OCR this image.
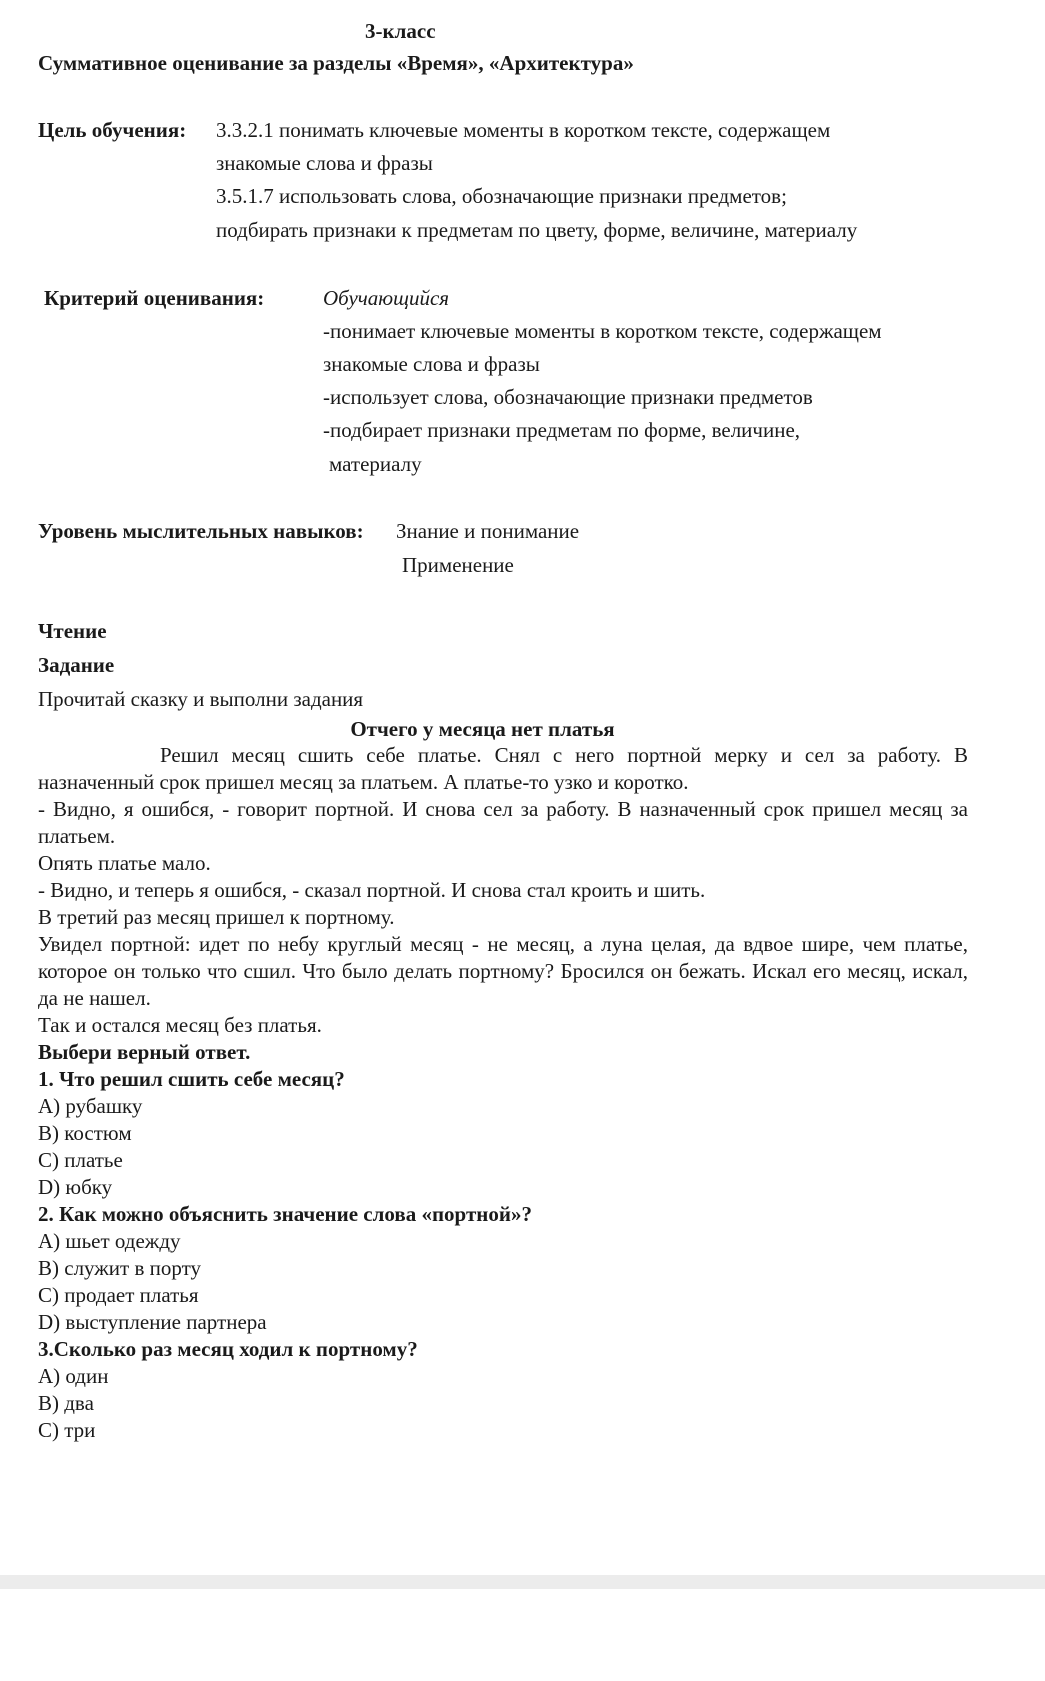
3-класс
Суммативное оценивание за разделы «Время», «Архитектура»
Цель обучения: 3.3.2.1 понимать ключевые моменты в коротком тексте, содержащем
знакомые слова и фразы
3.5.1.7 использовать слова, обозначающие признаки предметов;
подбирать признаки к предметам по цвету, форме, величине, материалу
Критерий оценивания:	Обучающийся
-понимает ключевые моменты в коротком тексте, содержащем
знакомые слова и фразы
-использует слова, обозначающие признаки предметов
-подбирает признаки предметам по форме, величине,
материалу
Уровень мыслительных навыков: Знание и понимание
Применение
Чтение
Задание
Прочитай сказку и выполни задания
Отчего у месяца нет платья
Решил месяц сшить себе платье. Снял с него портной мерку и сел за работу. В назначенный срок пришел месяц за платьем. А платье-то узко и коротко.
- Видно, я ошибся, - говорит портной. И снова сел за работу. В назначенный срок пришел месяц за платьем.
Опять платье мало.
- Видно, и теперь я ошибся, - сказал портной. И снова стал кроить и шить.
В третий раз месяц пришел к портному.
Увидел портной: идет по небу круглый месяц - не месяц, а луна целая, да вдвое шире, чем платье, которое он только что сшил. Что было делать портному? Бросился он бежать. Искал его месяц, искал, да не нашел.
Так и остался месяц без платья.
Выбери верный ответ.
1. Что решил сшить себе месяц?
A) рубашку
B) костюм
C) платье
D) юбку
2. Как можно объяснить значение слова «портной»?
A) шьет одежду
B) служит в порту
C) продает платья
D) выступление партнера
3.Сколько раз месяц ходил к портному?
A) один
B) два
C) три
